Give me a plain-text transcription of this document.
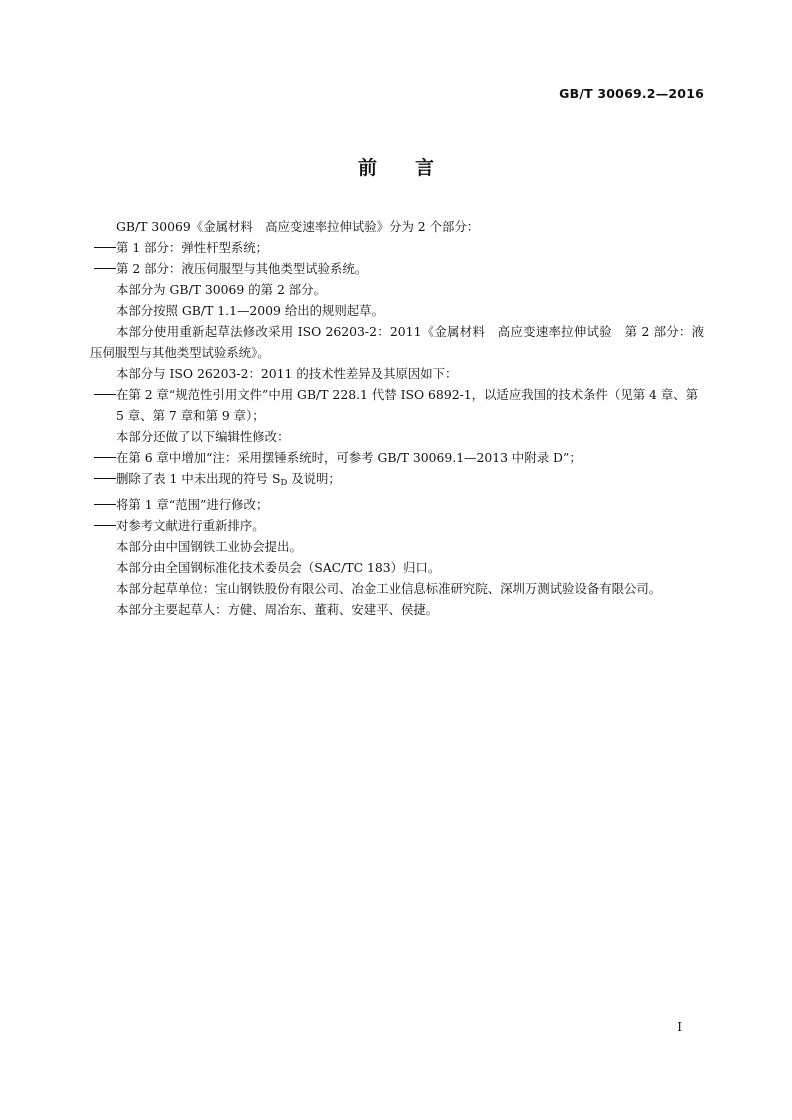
GB/T 30069.2—2016
前言

GB/T 30069《金属材料　高应变速率拉伸试验》分为 2 个部分：

第 1 部分：弹性杆型系统；
第 2 部分：液压伺服型与其他类型试验系统。

本部分为 GB/T 30069 的第 2 部分。

本部分按照 GB/T 1.1—2009 给出的规则起草。

本部分使用重新起草法修改采用 ISO 26203-2：2011《金属材料　高应变速率拉伸试验　第 2 部分：液压伺服型与其他类型试验系统》。

本部分与 ISO 26203-2：2011 的技术性差异及其原因如下：

在第 2 章“规范性引用文件”中用 GB/T 228.1 代替 ISO 6892-1，以适应我国的技术条件（见第 4 章、第 5 章、第 7 章和第 9 章）；

本部分还做了以下编辑性修改：

在第 6 章中增加“注：采用摆锤系统时，可参考 GB/T 30069.1—2013 中附录 D”；
删除了表 1 中未出现的符号 $S_D$ 及说明；
将第 1 章“范围”进行修改；
对参考文献进行重新排序。

本部分由中国钢铁工业协会提出。

本部分由全国钢标准化技术委员会（SAC/TC 183）归口。

本部分起草单位：宝山钢铁股份有限公司、冶金工业信息标准研究院、深圳万测试验设备有限公司。

本部分主要起草人：方健、周冶东、董莉、安建平、侯捷。

I
